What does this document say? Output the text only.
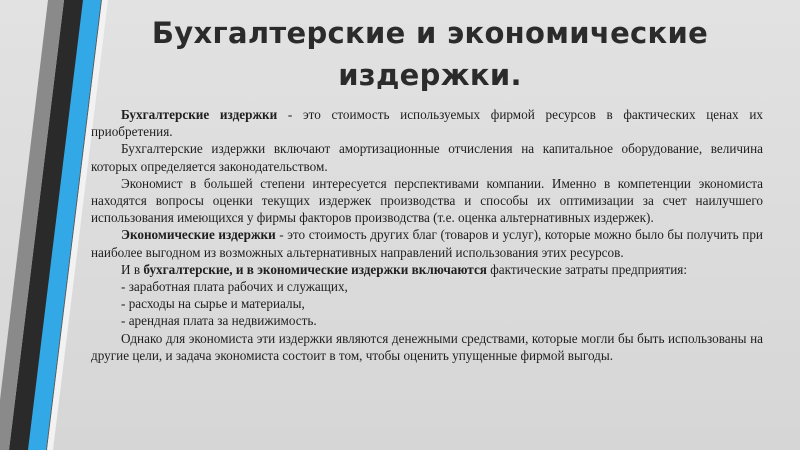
Бухгалтерские и экономические издержки.

Бухгалтерские издержки - это стоимость используемых фирмой ресурсов в фактических ценах их приобретения.

Бухгалтерские издержки включают амортизационные отчисления на капитальное оборудование, величина которых определяется законодательством.

Экономист в большей степени интересуется перспективами компании. Именно в компетенции экономиста находятся вопросы оценки текущих издержек производства и способы их оптимизации за счет наилучшего использования имеющихся у фирмы факторов производства (т.е. оценка альтернативных издержек).

Экономические издержки - это стоимость других благ (товаров и услуг), которые можно было бы получить при наиболее выгодном из возможных альтернативных направлений использования этих ресурсов.

И в бухгалтерские, и в экономические издержки включаются фактические затраты предприятия:

- заработная плата рабочих и служащих,

- расходы на сырье и материалы,

- арендная плата за недвижимость.

Однако для экономиста эти издержки являются денежными средствами, которые могли бы быть использованы на другие цели, и задача экономиста состоит в том, чтобы оценить упущенные фирмой выгоды.
